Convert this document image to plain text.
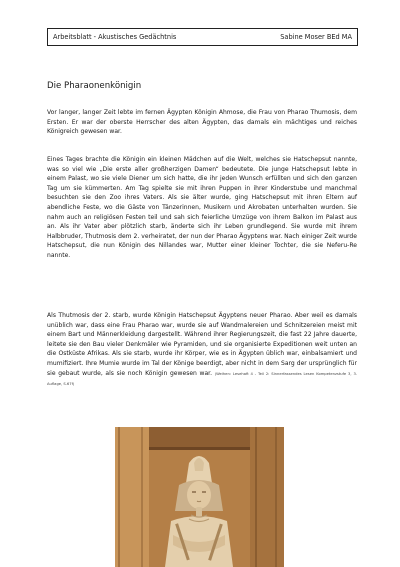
Arbeitsblatt - Akustisches Gedächtnis	Sabine Moser BEd MA
Die Pharaonenkönigin

Vor langer, langer Zeit lebte im fernen Ägypten Königin Ahmose, die Frau von Pharao Thumosis, dem Ersten. Er war der oberste Herrscher des alten Ägypten, das damals ein mächtiges und reiches Königreich gewesen war.

Eines Tages brachte die Königin ein kleinen Mädchen auf die Welt, welches sie Hatschepsut nannte, was so viel wie „Die erste aller großherzigen Damen“ bedeutete. Die junge Hatschepsut lebte in einem Palast, wo sie viele Diener um sich hatte, die ihr jeden Wunsch erfüllten und sich den ganzen Tag um sie kümmerten. Am Tag spielte sie mit ihren Puppen in ihrer Kinderstube und manchmal besuchten sie den Zoo ihres Vaters. Als sie älter wurde, ging Hatschepsut mit ihren Eltern auf abendliche Feste, wo die Gäste von Tänzerinnen, Musikern und Akrobaten unterhalten wurden. Sie nahm auch an religiösen Festen teil und sah sich feierliche Umzüge von ihrem Balkon im Palast aus an. Als ihr Vater aber plötzlich starb, änderte sich ihr Leben grundlegend. Sie wurde mit ihrem Halbbruder, Thutmosis dem 2. verheiratet, der nun der Pharao Ägyptens war. Nach einiger Zeit wurde Hatschepsut, die nun Königin des Nillandes war, Mutter einer kleiner Tochter, die sie Neferu-Re nannte.

Als Thutmosis der 2. starb, wurde Königin Hatschepsut Ägyptens neuer Pharao. Aber weil es damals unüblich war, dass eine Frau Pharao war, wurde sie auf Wandmalereien und Schnitzereien meist mit einem Bart und Männerkleidung dargestellt. Während ihrer Regierungszeit, die fast 22 Jahre dauerte, leitete sie den Bau vieler Denkmäler wie Pyramiden, und sie organisierte Expeditionen weit unten an die Ostküste Afrikas. Als sie starb, wurde ihr Körper, wie es in Ägypten üblich war, einbalsamiert und mumifiziert. Ihre Mumie wurde im Tal der Könige beerdigt, aber nicht in dem Sarg der ursprünglich für sie gebaut wurde, als sie noch Königin gewesen war. (Weihen: Lesehaft 4 - Teil 2: Sinnerfassendes Lesen Kompetenzstufe 3, 3. Auflage, S.67f)
